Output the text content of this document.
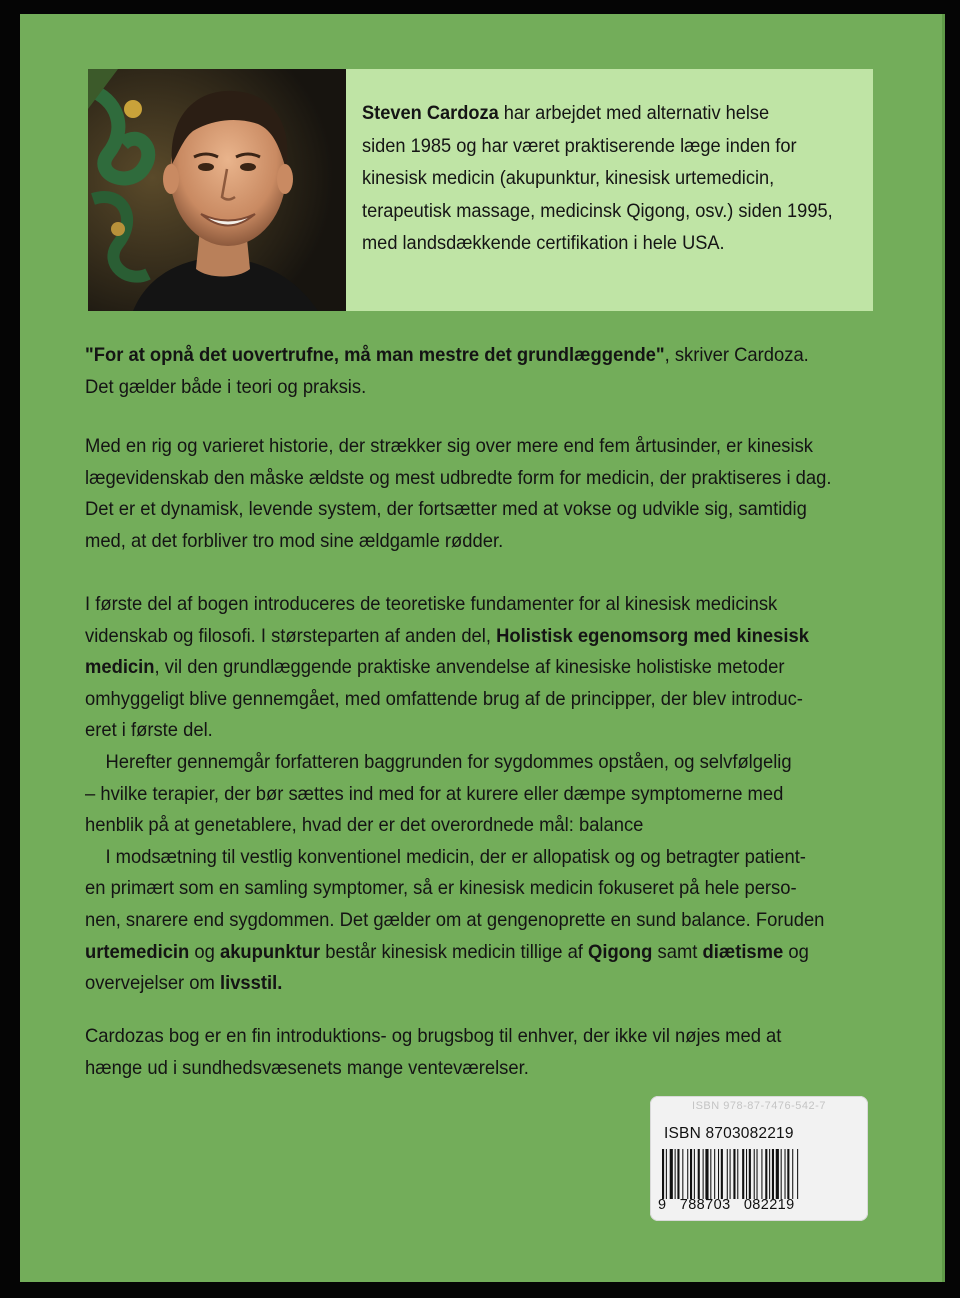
Steven Cardoza har arbejdet med alternativ helse
siden 1985 og har været praktiserende læge inden for
kinesisk medicin (akupunktur, kinesisk urtemedicin,
terapeutisk massage, medicinsk Qigong, osv.) siden 1995,
med landsdækkende certifikation i hele USA.
"For at opnå det uovertrufne, må man mestre det grundlæggende", skriver Cardoza.
Det gælder både i teori og praksis.
Med en rig og varieret historie, der strækker sig over mere end fem årtusinder, er kinesisk
lægevidenskab den måske ældste og mest udbredte form for medicin, der praktiseres i dag.
Det er et dynamisk, levende system, der fortsætter med at vokse og udvikle sig, samtidig
med, at det forbliver tro mod sine ældgamle rødder.
I første del af bogen introduceres de teoretiske fundamenter for al kinesisk medicinsk
videnskab og filosofi. I størsteparten af anden del, Holistisk egenomsorg med kinesisk
medicin, vil den grundlæggende praktiske anvendelse af kinesiske holistiske metoder
omhyggeligt blive gennemgået, med omfattende brug af de principper, der blev introduc-
eret i første del.
Herefter gennemgår forfatteren baggrunden for sygdommes opståen, og selvfølgelig
– hvilke terapier, der bør sættes ind med for at kurere eller dæmpe symptomerne med
henblik på at genetablere, hvad der er det overordnede mål: balance
I modsætning til vestlig konventionel medicin, der er allopatisk og og betragter patient-
en primært som en samling symptomer, så er kinesisk medicin fokuseret på hele perso-
nen, snarere end sygdommen. Det gælder om at gengenoprette en sund balance. Foruden
urtemedicin og akupunktur består kinesisk medicin tillige af Qigong samt diætisme og
overvejelser om livsstil.
Cardozas bog er en fin introduktions- og brugsbog til enhver, der ikke vil nøjes med at
hænge ud i sundhedsvæsenets mange venteværelser.
ISBN 978-87-7476-542-7
ISBN 8703082219
9   788703   082219
